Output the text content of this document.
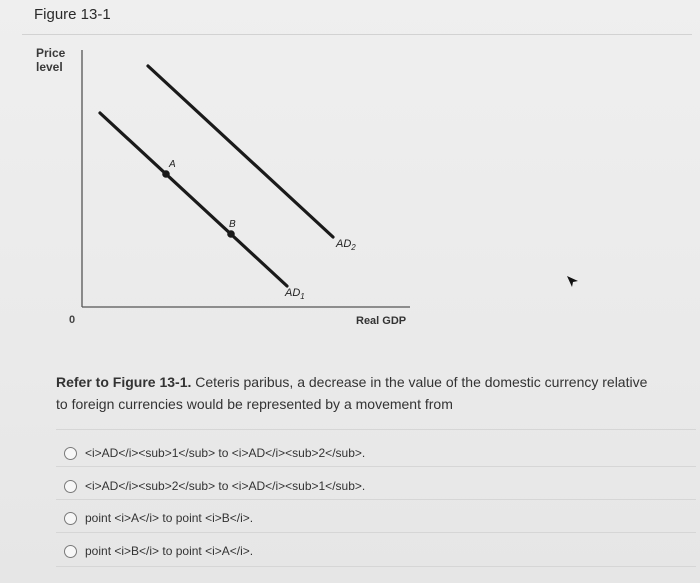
Figure 13-1
Price level
A
B
$AD_1$
$AD_2$
0	Real GDP
Refer to Figure 13-1. Ceteris paribus, a decrease in the value of the domestic currency relative to foreign currencies would be represented by a movement from
<i>AD</i><sub>1</sub> to <i>AD</i><sub>2</sub>.
<i>AD</i><sub>2</sub> to <i>AD</i><sub>1</sub>.
point <i>A</i> to point <i>B</i>.
point <i>B</i> to point <i>A</i>.
